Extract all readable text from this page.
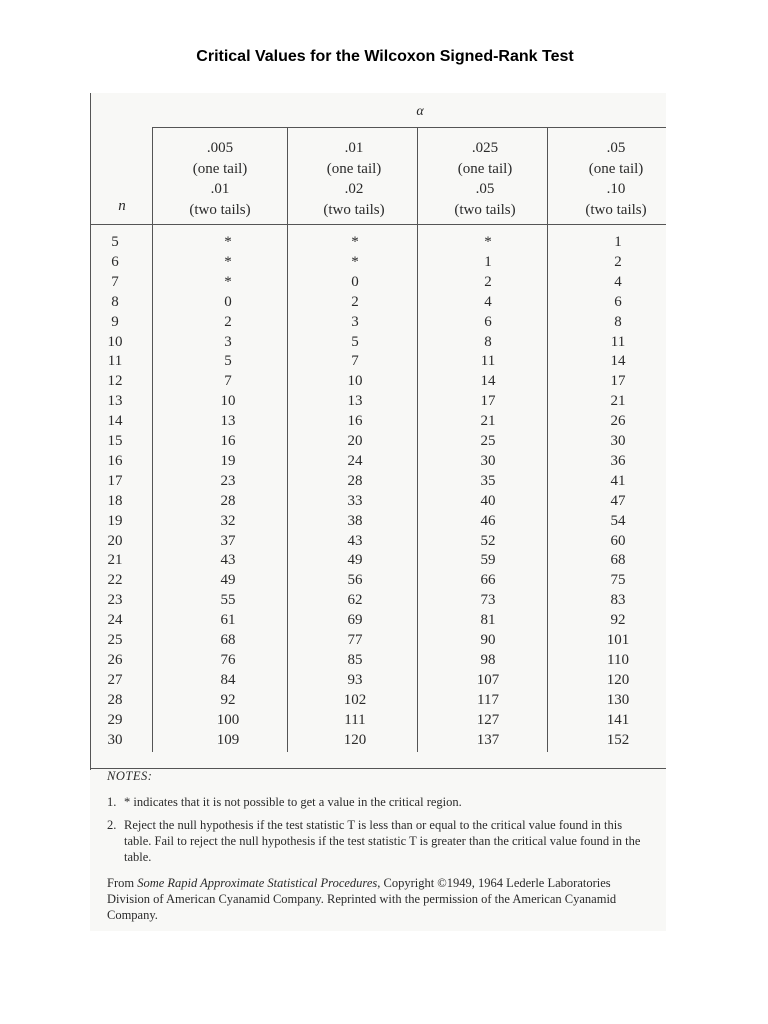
Critical Values for the Wilcoxon Signed-Rank Test
α
.005
(one tail)
.01
(two tails)
.01
(one tail)
.02
(two tails)
.025
(one tail)
.05
(two tails)
.05
(one tail)
.10
(two tails)
n
5	*	*	*	1
6	*	*	1	2
7	*	0	2	4
8	0	2	4	6
9	2	3	6	8
10	3	5	8	11
11	5	7	11	14
12	7	10	14	17
13	10	13	17	21
14	13	16	21	26
15	16	20	25	30
16	19	24	30	36
17	23	28	35	41
18	28	33	40	47
19	32	38	46	54
20	37	43	52	60
21	43	49	59	68
22	49	56	66	75
23	55	62	73	83
24	61	69	81	92
25	68	77	90	101
26	76	85	98	110
27	84	93	107	120
28	92	102	117	130
29	100	111	127	141
30	109	120	137	152
NOTES:
1. * indicates that it is not possible to get a value in the critical region.
2. Reject the null hypothesis if the test statistic T is less than or equal to the critical value found in this table. Fail to reject the null hypothesis if the test statistic T is greater than the critical value found in the table.
From Some Rapid Approximate Statistical Procedures, Copyright ©1949, 1964 Lederle Laboratories Division of American Cyanamid Company. Reprinted with the permission of the American Cyanamid Company.
